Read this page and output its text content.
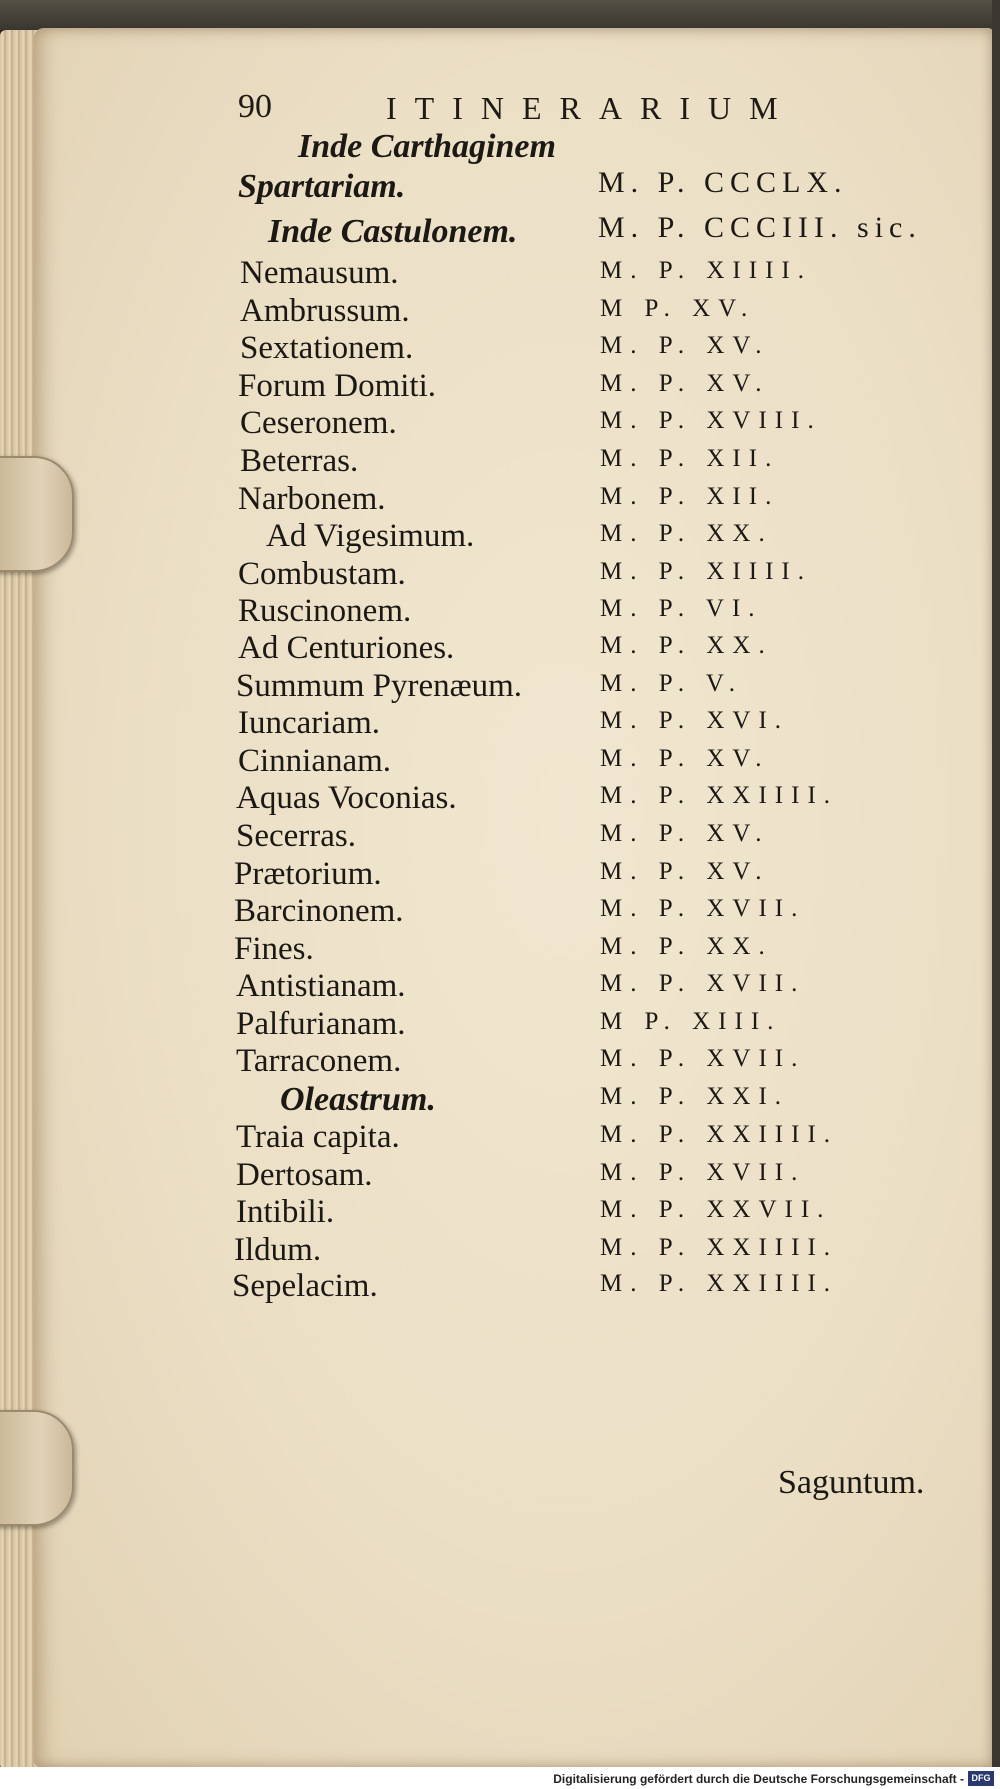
90	ITINERARIUM
Inde Carthaginem
Spartariam.	M. P. CCCLX.
Inde Castulonem.	M. P. CCCIII. sic.
Nemausum.	M. P. XIIII.
Ambrussum.	M P. XV.
Sextationem.	M. P. XV.
Forum Domiti.	M. P. XV.
Ceseronem.	M. P. XVIII.
Beterras.	M. P. XII.
Narbonem.	M. P. XII.
Ad Vigesimum.	M. P. XX.
Combustam.	M. P. XIIII.
Ruscinonem.	M. P. VI.
Ad Centuriones.	M. P. XX.
Summum Pyrenæum.	M. P. V.
Iuncariam.	M. P. XVI.
Cinnianam.	M. P. XV.
Aquas Voconias.	M. P. XXIIII.
Secerras.	M. P. XV.
Prætorium.	M. P. XV.
Barcinonem.	M. P. XVII.
Fines.	M. P. XX.
Antistianam.	M. P. XVII.
Palfurianam.	M P. XIII.
Tarraconem.	M. P. XVII.
Oleastrum.	M. P. XXI.
Traia capita.	M. P. XXIIII.
Dertosam.	M. P. XVII.
Intibili.	M. P. XXVII.
Ildum.	M. P. XXIIII.
Sepelacim.	M. P. XXIIII.
Saguntum.
Digitalisierung gefördert durch die Deutsche Forschungsgemeinschaft - DFG
